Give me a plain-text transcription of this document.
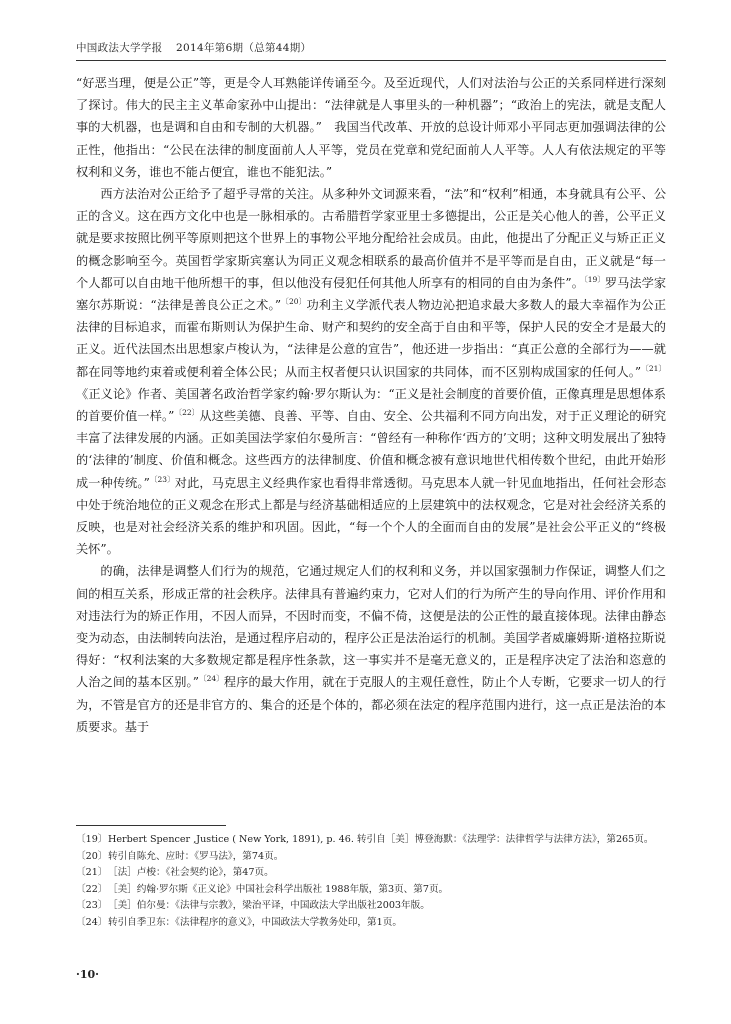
中国政法大学学报 2014年第6期（总第44期）

“好恶当理，便是公正”等，更是令人耳熟能详传诵至今。及至近现代，人们对法治与公正的关系同样进行深刻了探讨。伟大的民主主义革命家孙中山提出：“法律就是人事里头的一种机器”；“政治上的宪法，就是支配人事的大机器，也是调和自由和专制的大机器。”　我国当代改革、开放的总设计师邓小平同志更加强调法律的公正性，他指出：“公民在法律的制度面前人人平等，党员在党章和党纪面前人人平等。人人有依法规定的平等权利和义务，谁也不能占便宜，谁也不能犯法。”

西方法治对公正给予了超乎寻常的关注。从多种外文词源来看，“法”和“权利”相通，本身就具有公平、公正的含义。这在西方文化中也是一脉相承的。古希腊哲学家亚里士多德提出，公正是关心他人的善，公平正义就是要求按照比例平等原则把这个世界上的事物公平地分配给社会成员。由此，他提出了分配正义与矫正正义的概念影响至今。英国哲学家斯宾塞认为同正义观念相联系的最高价值并不是平等而是自由，正义就是“每一个人都可以自由地干他所想干的事，但以他没有侵犯任何其他人所享有的相同的自由为条件”。$^{〔19〕}$罗马法学家塞尔苏斯说：“法律是善良公正之术。”$^{〔20〕}$功利主义学派代表人物边沁把追求最大多数人的最大幸福作为公正法律的目标追求，而霍布斯则认为保护生命、财产和契约的安全高于自由和平等，保护人民的安全才是最大的正义。近代法国杰出思想家卢梭认为，“法律是公意的宣告”，他还进一步指出：“真正公意的全部行为——就都在同等地约束着或便利着全体公民；从而主权者便只认识国家的共同体，而不区别构成国家的任何人。”$^{〔21〕}$《正义论》作者、美国著名政治哲学家约翰·罗尔斯认为：“正义是社会制度的首要价值，正像真理是思想体系的首要价值一样。”$^{〔22〕}$从这些美德、良善、平等、自由、安全、公共福利不同方向出发，对于正义理论的研究丰富了法律发展的内涵。正如美国法学家伯尔曼所言：“曾经有一种称作‘西方的’文明；这种文明发展出了独特的‘法律的’制度、价值和概念。这些西方的法律制度、价值和概念被有意识地世代相传数个世纪，由此开始形成一种传统。”$^{〔23〕}$对此，马克思主义经典作家也看得非常透彻。马克思本人就一针见血地指出，任何社会形态中处于统治地位的正义观念在形式上都是与经济基础相适应的上层建筑中的法权观念，它是对社会经济关系的反映，也是对社会经济关系的维护和巩固。因此，“每一个个人的全面而自由的发展”是社会公平正义的“终极关怀”。

的确，法律是调整人们行为的规范，它通过规定人们的权利和义务，并以国家强制力作保证，调整人们之间的相互关系，形成正常的社会秩序。法律具有普遍约束力，它对人们的行为所产生的导向作用、评价作用和对违法行为的矫正作用，不因人而异，不因时而变，不偏不倚，这便是法的公正性的最直接体现。法律由静态变为动态，由法制转向法治，是通过程序启动的，程序公正是法治运行的机制。美国学者威廉姆斯·道格拉斯说得好：“权利法案的大多数规定都是程序性条款，这一事实并不是毫无意义的，正是程序决定了法治和恣意的人治之间的基本区别。”$^{〔24〕}$程序的最大作用，就在于克服人的主观任意性，防止个人专断，它要求一切人的行为，不管是官方的还是非官方的、集合的还是个体的，都必须在法定的程序范围内进行，这一点正是法治的本质要求。基于

〔19〕 Herbert Spencer ,Justice ( New York, 1891), p. 46. 转引自［美］博登海默：《法理学：法律哲学与法律方法》，第265页。
〔20〕 转引自陈允、应时：《罗马法》，第74页。
〔21〕 ［法］卢梭：《社会契约论》，第47页。
〔22〕 ［美］约翰·罗尔斯《正义论》中国社会科学出版社 1988年版，第3页、第7页。
〔23〕 ［美］伯尔曼：《法律与宗教》，梁治平译，中国政法大学出版社2003年版。
〔24〕 转引自季卫东：《法律程序的意义》，中国政法大学教务处印，第1页。
·10·
